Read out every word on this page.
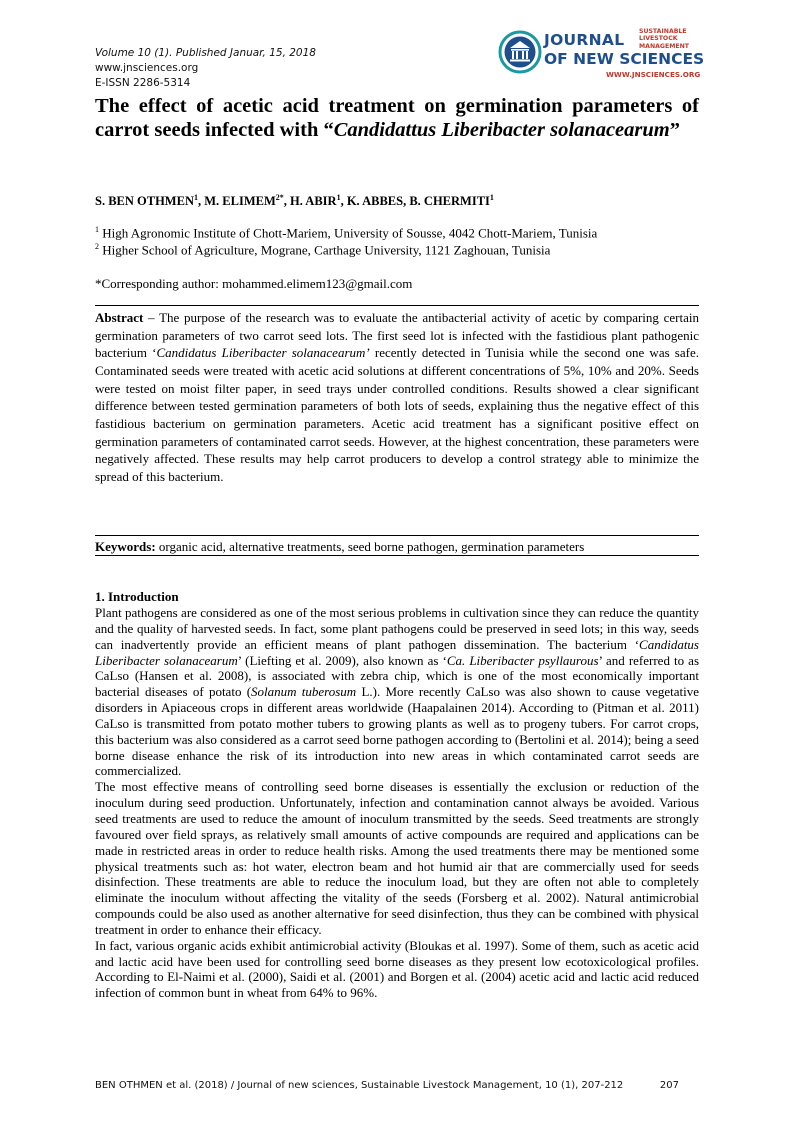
Volume 10 (1). Published Januar, 15, 2018
www.jnsciences.org
E-ISSN 2286-5314
JOURNAL SUSTAINABLE
LIVESTOCK
MANAGEMENT
OF NEW SCIENCES
WWW.JNSCIENCES.ORG
The effect of acetic acid treatment on germination parameters of carrot seeds infected with “Candidattus Liberibacter solanacearum”
S. BEN OTHMEN$^1$, M. $ELIMEM^{2*}$, H. ABIR$^1$, K. ABBES, B. CHERMITI$^1$
$^1$ High Agronomic Institute of Chott-Mariem, University of Sousse, 4042 Chott-Mariem, Tunisia
$^2$ Higher School of Agriculture, Mograne, Carthage University, 1121 Zaghouan, Tunisia
*Corresponding author: mohammed.elimem123@gmail.com
Abstract – The purpose of the research was to evaluate the antibacterial activity of acetic by comparing certain germination parameters of two carrot seed lots. The first seed lot is infected with the fastidious plant pathogenic bacterium ‘Candidatus Liberibacter solanacearum’ recently detected in Tunisia while the second one was safe. Contaminated seeds were treated with acetic acid solutions at different concentrations of 5%, 10% and 20%. Seeds were tested on moist filter paper, in seed trays under controlled conditions. Results showed a clear significant difference between tested germination parameters of both lots of seeds, explaining thus the negative effect of this fastidious bacterium on germination parameters. Acetic acid treatment has a significant positive effect on germination parameters of contaminated carrot seeds. However, at the highest concentration, these parameters were negatively affected. These results may help carrot producers to develop a control strategy able to minimize the spread of this bacterium.
Keywords: organic acid, alternative treatments, seed borne pathogen, germination parameters
1. Introduction

Plant pathogens are considered as one of the most serious problems in cultivation since they can reduce the quantity and the quality of harvested seeds. In fact, some plant pathogens could be preserved in seed lots; in this way, seeds can inadvertently provide an efficient means of plant pathogen dissemination. The bacterium ‘Candidatus Liberibacter solanacearum’ (Liefting et al. 2009), also known as ‘Ca. Liberibacter psyllaurous’ and referred to as CaLso (Hansen et al. 2008), is associated with zebra chip, which is one of the most economically important bacterial diseases of potato (Solanum tuberosum L.). More recently CaLso was also shown to cause vegetative disorders in Apiaceous crops in different areas worldwide (Haapalainen 2014). According to (Pitman et al. 2011) CaLso is transmitted from potato mother tubers to growing plants as well as to progeny tubers. For carrot crops, this bacterium was also considered as a carrot seed borne pathogen according to (Bertolini et al. 2014); being a seed borne disease enhance the risk of its introduction into new areas in which contaminated carrot seeds are commercialized.

The most effective means of controlling seed borne diseases is essentially the exclusion or reduction of the inoculum during seed production. Unfortunately, infection and contamination cannot always be avoided. Various seed treatments are used to reduce the amount of inoculum transmitted by the seeds. Seed treatments are strongly favoured over field sprays, as relatively small amounts of active compounds are required and applications can be made in restricted areas in order to reduce health risks. Among the used treatments there may be mentioned some physical treatments such as: hot water, electron beam and hot humid air that are commercially used for seeds disinfection. These treatments are able to reduce the inoculum load, but they are often not able to completely eliminate the inoculum without affecting the vitality of the seeds (Forsberg et al. 2002). Natural antimicrobial compounds could be also used as another alternative for seed disinfection, thus they can be combined with physical treatment in order to enhance their efficacy.

In fact, various organic acids exhibit antimicrobial activity (Bloukas et al. 1997). Some of them, such as acetic acid and lactic acid have been used for controlling seed borne diseases as they present low ecotoxicological profiles. According to El-Naimi et al. (2000), Saidi et al. (2001) and Borgen et al. (2004) acetic acid and lactic acid reduced infection of common bunt in wheat from 64% to 96%.

BEN OTHMEN et al. (2018) / Journal of new sciences, Sustainable Livestock Management, 10 (1), 207-212	207
